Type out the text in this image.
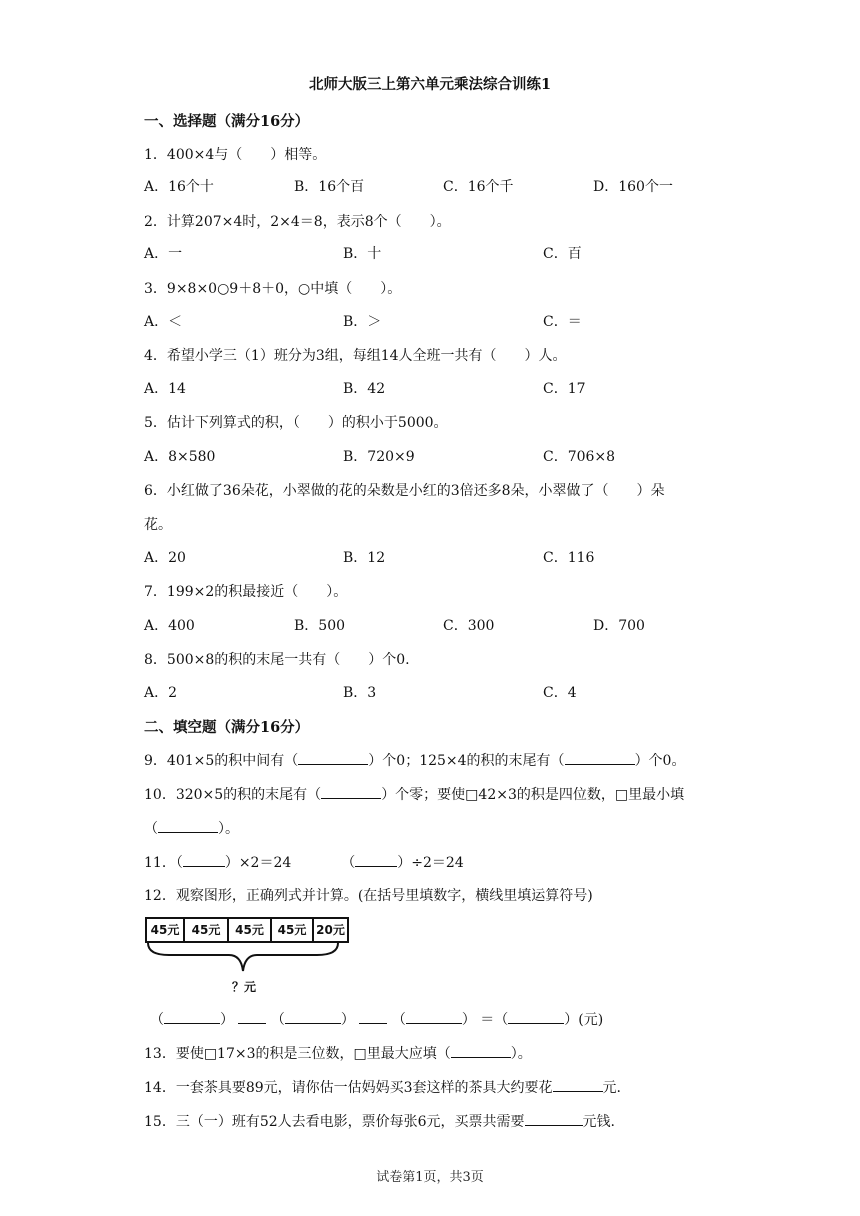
北师大版三上第六单元乘法综合训练1
一、选择题（满分16分）
1．400×4与（　　）相等。
A．16个十	B．16个百	C．16个千	D．160个一
2．计算207×4时，2×4＝8，表示8个（　　）。
A．一	B．十	C．百
3．9×8×0○9＋8＋0，○中填（　　）。
A．＜	B．＞	C．＝
4．希望小学三（1）班分为3组，每组14人全班一共有（　　）人。
A．14	B．42	C．17
5．估计下列算式的积，（　　）的积小于5000。
A．8×580	B．720×9	C．706×8
6．小红做了36朵花，小翠做的花的朵数是小红的3倍还多8朵，小翠做了（　　）朵
花。
A．20	B．12	C．116
7．199×2的积最接近（　　）。
A．400	B．500	C．300	D．700
8．500×8的积的末尾一共有（　　）个0.
A．2	B．3	C．4
二、填空题（满分16分）
9．401×5的积中间有（	）个0；125×4的积的末尾有（	）个0。
10．320×5的积的末尾有（	）个零；要使□42×3的积是四位数，□里最小填
（	）。
11．（	）×2＝24	（	）÷2＝24
12．观察图形，正确列式并计算。(在括号里填数字，横线里填运算符号)
45元	45元	45元	45元 20元
？元
（	）	（	）	（	） ＝（	）(元)
13．要使□17×3的积是三位数，□里最大应填（	）。
14．一套茶具要89元，请你估一估妈妈买3套这样的茶具大约要花	元.
15．三（一）班有52人去看电影，票价每张6元，买票共需要	元钱.
试卷第1页，共3页
